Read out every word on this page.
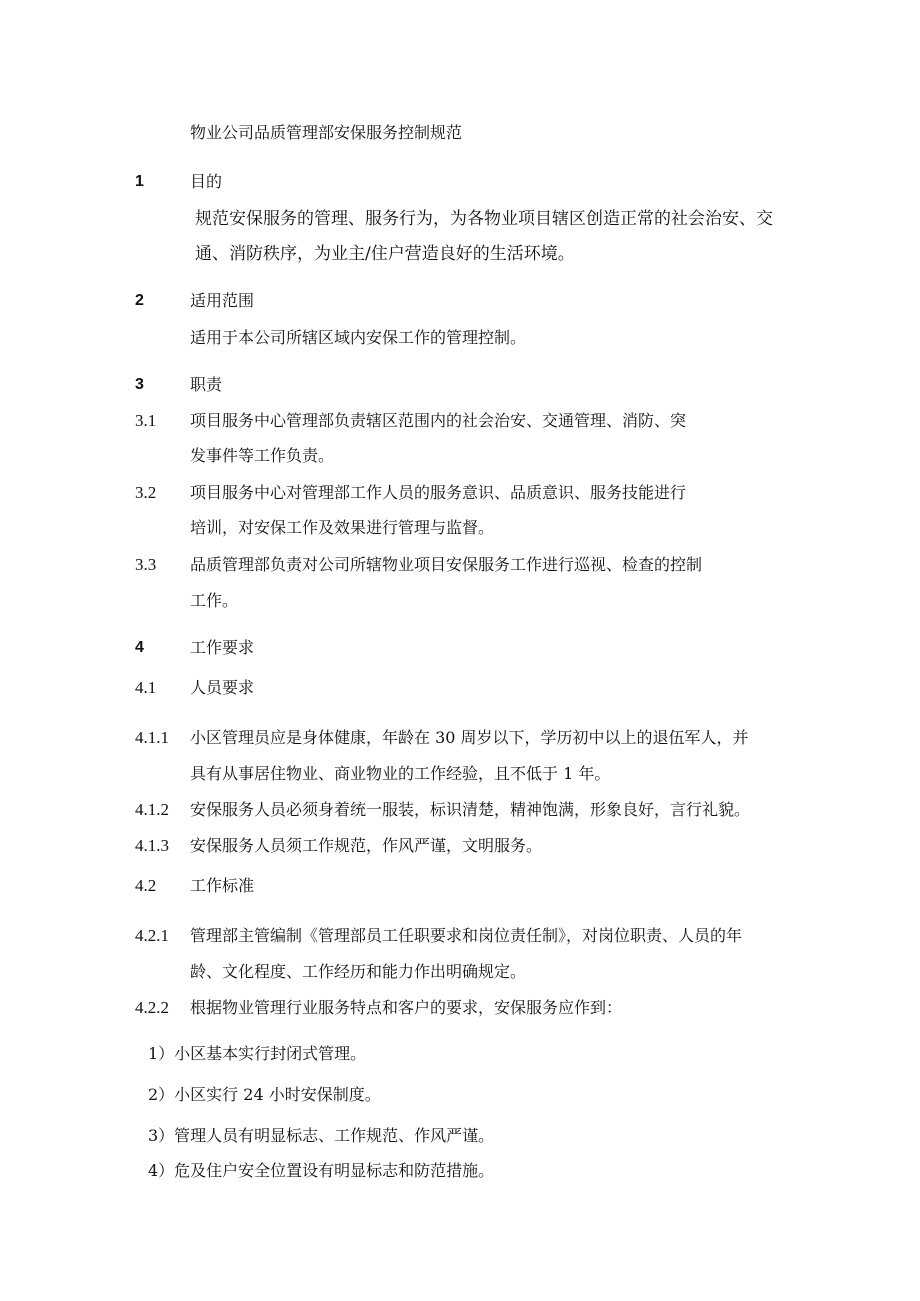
物业公司品质管理部安保服务控制规范
1	目的
规范安保服务的管理、服务行为，为各物业项目辖区创造正常的社会治安、交
通、消防秩序，为业主/住户营造良好的生活环境。
2	适用范围
适用于本公司所辖区域内安保工作的管理控制。
3	职责
3.1 项目服务中心管理部负责辖区范围内的社会治安、交通管理、消防、突
发事件等工作负责。
3.2 项目服务中心对管理部工作人员的服务意识、品质意识、服务技能进行
培训，对安保工作及效果进行管理与监督。
3.3 品质管理部负责对公司所辖物业项目安保服务工作进行巡视、检查的控制
工作。
4	工作要求
4.1 人员要求
4.1.1 小区管理员应是身体健康，年龄在 30 周岁以下，学历初中以上的退伍军人，并
具有从事居住物业、商业物业的工作经验，且不低于 1 年。
4.1.2 安保服务人员必须身着统一服装，标识清楚，精神饱满，形象良好，言行礼貌。
4.1.3 安保服务人员须工作规范，作风严谨，文明服务。
4.2 工作标准
4.2.1 管理部主管编制《管理部员工任职要求和岗位责任制》，对岗位职责、人员的年
龄、文化程度、工作经历和能力作出明确规定。
4.2.2 根据物业管理行业服务特点和客户的要求，安保服务应作到：
1）小区基本实行封闭式管理。
2）小区实行 24 小时安保制度。
3）管理人员有明显标志、工作规范、作风严谨。
4）危及住户安全位置设有明显标志和防范措施。
